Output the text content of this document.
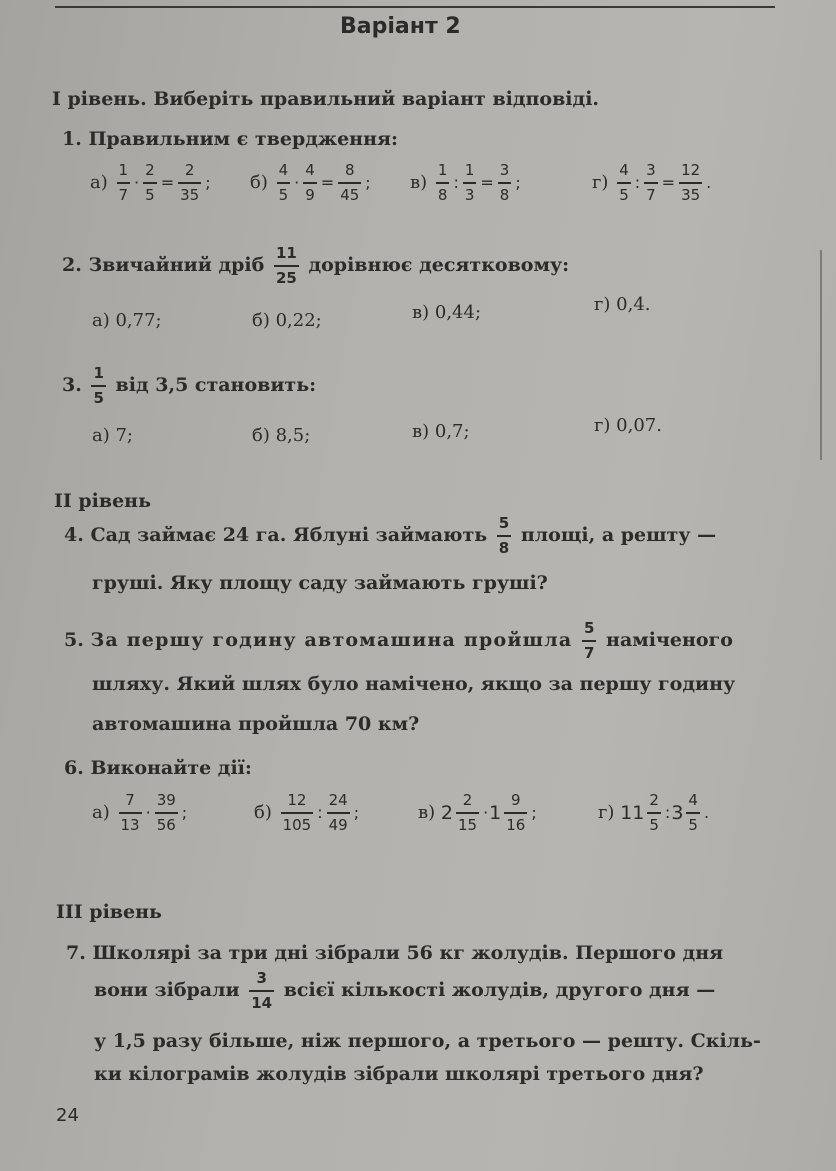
Варіант 2
I рівень. Виберіть правильний варіант відповіді.
1. Правильним є твердження:
$а) \frac{1}{7} \cdot \frac{2}{5} = \frac{2}{35}$ ; $б) \frac{4}{5} \cdot \frac{4}{9} = \frac{8}{45}$ ; $в) \frac{1}{8}$ : $\frac{1}{3} = \frac{3}{8}$ ;	$г) \frac{4}{5}$ : $\frac{3}{7} = \frac{12}{35}$ .
2. Звичайний дріб $\frac{11}{25}$ дорівнює десятковому:
а) 0,77;	б) 0,22;	в) 0,44;	г) 0,4.
3. $\frac{1}{5}$ від 3,5 становить:
а) 7;	б) 8,5;	в) 0,7;	г) 0,07.
II рівень
4. Сад займає 24 га. Яблуні займають $\frac{5}{8}$ площі, а решту —
груші. Яку площу саду займають груші?
5. За першу годину автомашина пройшла $\frac{5}{7}$ наміченого
шляху. Який шлях було намічено, якщо за першу годину
автомашина пройшла 70 км?
6. Виконайте дії:
$а) \frac{7}{13} \cdot \frac{39}{56}$ ;	$б) \frac{12}{105}$ : $\frac{24}{49}$ ;	в) $2 \frac{2}{15} \cdot 1 \frac{9}{16}$ ;	г) $11 \frac{2}{5}$ :3 $\frac{4}{5}$ .
III рівень
7. Школярі за три дні зібрали 56 кг жолудів. Першого дня
вони зібрали $\frac{3}{14}$ всієї кількості жолудів, другого дня —
у 1,5 разу більше, ніж першого, а третього — решту. Скіль-
ки кілограмів жолудів зібрали школярі третього дня?
24
